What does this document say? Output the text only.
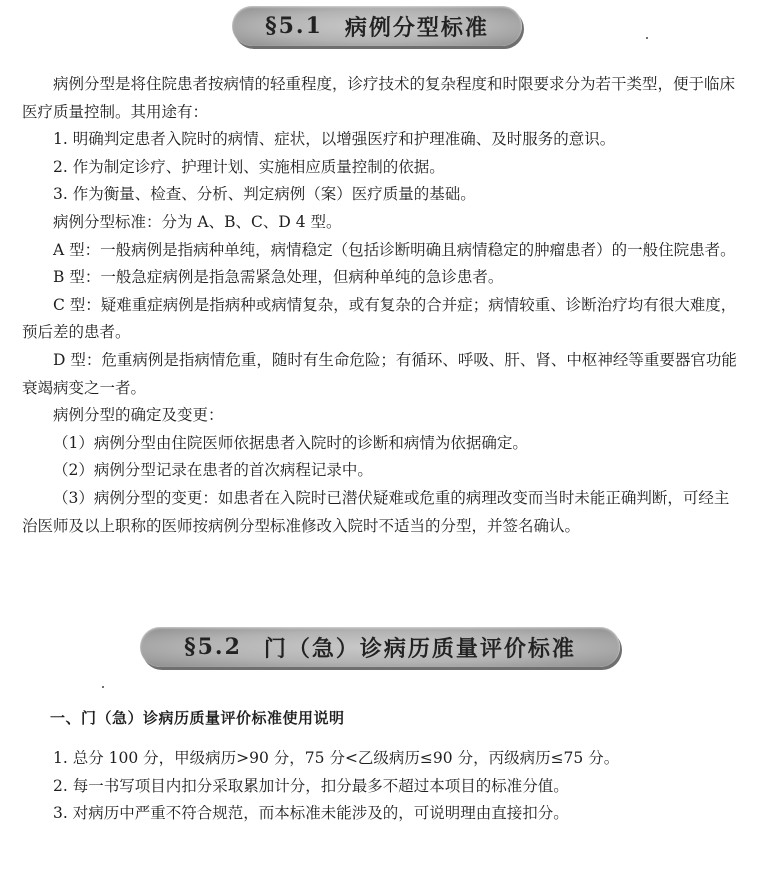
§5.1 病例分型标准

病例分型是将住院患者按病情的轻重程度，诊疗技术的复杂程度和时限要求分为若干类型，便于临床医疗质量控制。其用途有：

1. 明确判定患者入院时的病情、症状，以增强医疗和护理准确、及时服务的意识。

2. 作为制定诊疗、护理计划、实施相应质量控制的依据。

3. 作为衡量、检查、分析、判定病例（案）医疗质量的基础。

病例分型标准：分为 A、B、C、D 4 型。

A 型：一般病例是指病种单纯，病情稳定（包括诊断明确且病情稳定的肿瘤患者）的一般住院患者。

B 型：一般急症病例是指急需紧急处理，但病种单纯的急诊患者。

C 型：疑难重症病例是指病种或病情复杂，或有复杂的合并症；病情较重、诊断治疗均有很大难度，预后差的患者。

D 型：危重病例是指病情危重，随时有生命危险；有循环、呼吸、肝、肾、中枢神经等重要器官功能衰竭病变之一者。

病例分型的确定及变更：

（1）病例分型由住院医师依据患者入院时的诊断和病情为依据确定。

（2）病例分型记录在患者的首次病程记录中。

（3）病例分型的变更：如患者在入院时已潜伏疑难或危重的病理改变而当时未能正确判断，可经主治医师及以上职称的医师按病例分型标准修改入院时不适当的分型，并签名确认。

§5.2 门（急）诊病历质量评价标准
一、门（急）诊病历质量评价标准使用说明

1. 总分 100 分，甲级病历>90 分，75 分<乙级病历≤90 分，丙级病历≤75 分。

2. 每一书写项目内扣分采取累加计分，扣分最多不超过本项目的标准分值。

3. 对病历中严重不符合规范，而本标准未能涉及的，可说明理由直接扣分。
